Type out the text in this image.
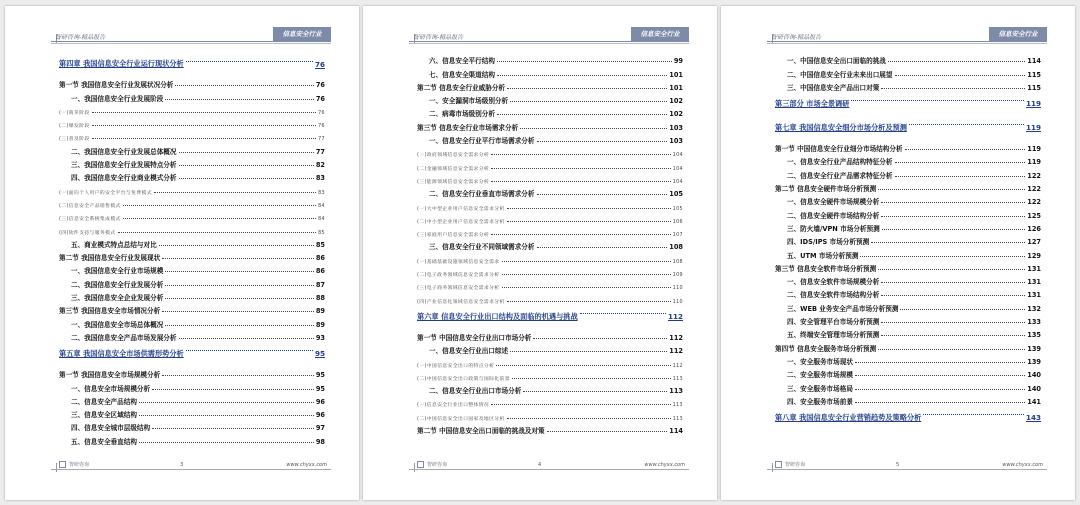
智研咨询-精品报告	信息安全行业
第四章 我国信息安全行业运行现状分析	76
第一节 我国信息安全行业发展状况分析	76
一、我国信息安全行业发展阶段	76
(一)萌芽阶段	76
(二)爆发阶段	76
(三)普及阶段	77
二、我国信息安全行业发展总体概况	77
三、我国信息安全行业发展特点分析	82
四、我国信息安全行业商业模式分析	83
(一)面向个人用户的安全平台与免费模式	83
(二)信息安全产品销售模式	84
(三)信息安全系统集成模式	84
(四)软件支持与服务模式	85
五、商业模式特点总结与对比	85
第二节 我国信息安全行业发展现状	86
一、我国信息安全行业市场规模	86
二、我国信息安全行业发展分析	87
三、我国信息安全企业发展分析	88
第三节 我国信息安全市场情况分析	89
一、我国信息安全市场总体概况	89
二、我国信息安全产品市场发展分析	93
第五章 我国信息安全市场供需形势分析	95
第一节 我国信息安全市场规模分析	95
一、信息安全市场规模分析	95
二、信息安全产品结构	96
三、信息安全区域结构	96
四、信息安全城市层级结构	97
五、信息安全垂直结构	98
智研咨询	3	www.chyxx.com
智研咨询-精品报告	信息安全行业
六、信息安全平行结构	99
七、信息安全渠道结构	101
第二节 信息安全行业威胁分析	101
一、安全漏洞市场级别分析	102
二、病毒市场级别分析	102
第三节 信息安全行业市场需求分析	103
一、信息安全行业平行市场需求分析	103
(一)政府领域信息安全需求分析	104
(二)金融领域信息安全需求分析	104
(三)能源领域信息安全需求分析	104
二、信息安全行业垂直市场需求分析	105
(一)大中型企业用户信息安全需求分析	105
(二)中小型企业用户信息安全需求分析	106
(三)家庭用户信息安全需求分析	107
三、信息安全行业不同领域需求分析	108
(一)基础基础设施领域信息安全需求	108
(二)电子政务领域信息安全需求分析	109
(三)电子商务领域信息安全需求分析	110
(四)产业信息化领域信息安全需求分析	110
第六章 信息安全行业出口结构及面临的机遇与挑战	112
第一节 中国信息安全行业出口市场分析	112
一、信息安全行业出口综述	112
(一)中国信息安全出口的特点分析	112
(二)中国信息安全出口政策与国际化前景	113
二、信息安全行业出口市场分析	113
(一)信息安全行业出口整体情况	113
(二)中国信息安全出口国家及地区分析	113
第二节 中国信息安全出口面临的挑战及对策	114
智研咨询	4	www.chyxx.com
智研咨询-精品报告	信息安全行业
一、中国信息安全出口面临的挑战	114
二、中国信息安全行业未来出口展望	115
三、中国信息安全产品出口对策	115
第三部分 市场全景调研	119
第七章 我国信息安全细分市场分析及预测	119
第一节 中国信息安全行业细分市场结构分析	119
一、信息安全行业产品结构特征分析	119
二、信息安全行业产品需求特征分析	122
第二节 信息安全硬件市场分析预测	122
一、信息安全硬件市场规模分析	122
二、信息安全硬件市场结构分析	125
三、防火墙/VPN 市场分析预测	126
四、IDS/IPS 市场分析预测	127
五、UTM 市场分析预测	129
第三节 信息安全软件市场分析预测	131
一、信息安全软件市场规模分析	131
二、信息安全软件市场结构分析	131
三、WEB 业务安全产品市场分析预测	132
四、安全管理平台市场分析预测	133
五、终端安全管理市场分析预测	135
第四节 信息安全服务市场分析预测	139
一、安全服务市场现状	139
二、安全服务市场规模	140
三、安全服务市场格局	140
四、安全服务市场前景	141
第八章 我国信息安全行业营销趋势及策略分析	143
智研咨询	5	www.chyxx.com
